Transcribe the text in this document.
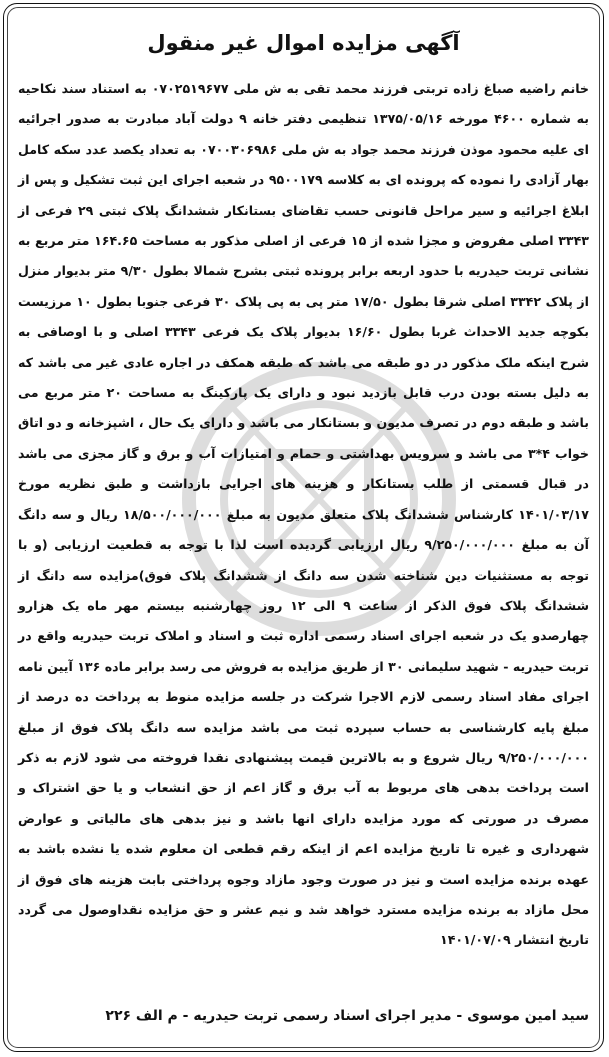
آگهی مزایده اموال غیر منقول
خانم راضیه صباغ زاده تربتی فرزند محمد تقی به ش ملی ۰۷۰۲۵۱۹۶۷۷ به استناد سند نکاحیه به شماره ۴۶۰۰ مورخه ۱۳۷۵/۰۵/۱۶ تنظیمی دفتر خانه ۹ دولت آباد مبادرت به صدور اجرائیه ای علیه محمود موذن فرزند محمد جواد به ش ملی ۰۷۰۰۳۰۶۹۸۶ به تعداد یکصد عدد سکه کامل بهار آزادی را نموده که پرونده ای به کلاسه ۹۵۰۰۱۷۹ در شعبه اجرای این ثبت تشکیل و پس از ابلاغ اجرائیه و سیر مراحل قانونی حسب تقاضای بستانکار ششدانگ پلاک ثبتی ۲۹ فرعی از ۳۳۴۳ اصلی مفروض و مجزا شده از ۱۵ فرعی از اصلی مذکور به مساحت ۱۶۴.۶۵ متر مربع به نشانی تربت حیدریه با حدود اربعه برابر پرونده ثبتی بشرح شمالا بطول ۹/۳۰ متر بدیوار منزل از پلاک ۳۳۴۲ اصلی شرقا بطول ۱۷/۵۰ متر پی به پی پلاک ۳۰ فرعی جنوبا بطول ۱۰ مرزیست بکوچه جدید الاحداث غربا بطول ۱۶/۶۰ بدیوار پلاک یک فرعی ۳۳۴۳ اصلی و با اوصافی به شرح اینکه ملک مذکور در دو طبقه می باشد که طبقه همکف در اجاره عادی غیر می باشد که به دلیل بسته بودن درب قابل بازدید نبود و دارای یک پارکینگ به مساحت ۲۰ متر مربع می باشد و طبقه دوم در تصرف مدیون و بستانکار می باشد و دارای یک حال ، اشپزخانه و دو اتاق خواب ۴*۳ می باشد و سرویس بهداشتی و حمام و امتیازات آب و برق و گاز مجزی می باشد در قبال قسمتی از طلب بستانکار و هزینه های اجرایی بازداشت و طبق نظریه مورخ ۱۴۰۱/۰۳/۱۷ کارشناس ششدانگ پلاک متعلق مدیون به مبلغ ۱۸/۵۰۰/۰۰۰/۰۰۰ ریال و سه دانگ آن به مبلغ ۹/۲۵۰/۰۰۰/۰۰۰ ریال ارزیابی گردیده است لذا با توجه به قطعیت ارزیابی (و با توجه به مستثنیات دین شناخته شدن سه دانگ از ششدانگ پلاک فوق)مزایده سه دانگ از ششدانگ پلاک فوق الذکر از ساعت ۹ الی ۱۲ روز چهارشنبه بیستم مهر ماه یک هزارو چهارصدو یک در شعبه اجرای اسناد رسمی اداره ثبت و اسناد و املاک تربت حیدریه واقع در تربت حیدریه - شهید سلیمانی ۳۰ از طریق مزایده به فروش می رسد برابر ماده ۱۳۶ آیین نامه اجرای مفاد اسناد رسمی لازم الاجرا شرکت در جلسه مزایده منوط به پرداخت ده درصد از مبلغ پایه کارشناسی به حساب سپرده ثبت می باشد مزایده سه دانگ پلاک فوق از مبلغ ۹/۲۵۰/۰۰۰/۰۰۰ ریال شروع و به بالاترین قیمت پیشنهادی نقدا فروخته می شود لازم به ذکر است پرداخت بدهی های مربوط به آب برق و گاز اعم از حق انشعاب و یا حق اشتراک و مصرف در صورتی که مورد مزایده دارای انها باشد و نیز بدهی های مالیاتی و عوارض شهرداری و غیره تا تاریخ مزایده اعم از اینکه رقم قطعی ان معلوم شده یا نشده باشد به عهده برنده مزایده است و نیز در صورت وجود مازاد وجوه پرداختی بابت هزینه های فوق از محل مازاد به برنده مزایده مسترد خواهد شد و نیم عشر و حق مزایده نقداوصول می گردد تاریخ انتشار ۱۴۰۱/۰۷/۰۹
سید امین موسوی - مدیر اجرای اسناد رسمی تربت حیدریه - م الف ۲۲۶
